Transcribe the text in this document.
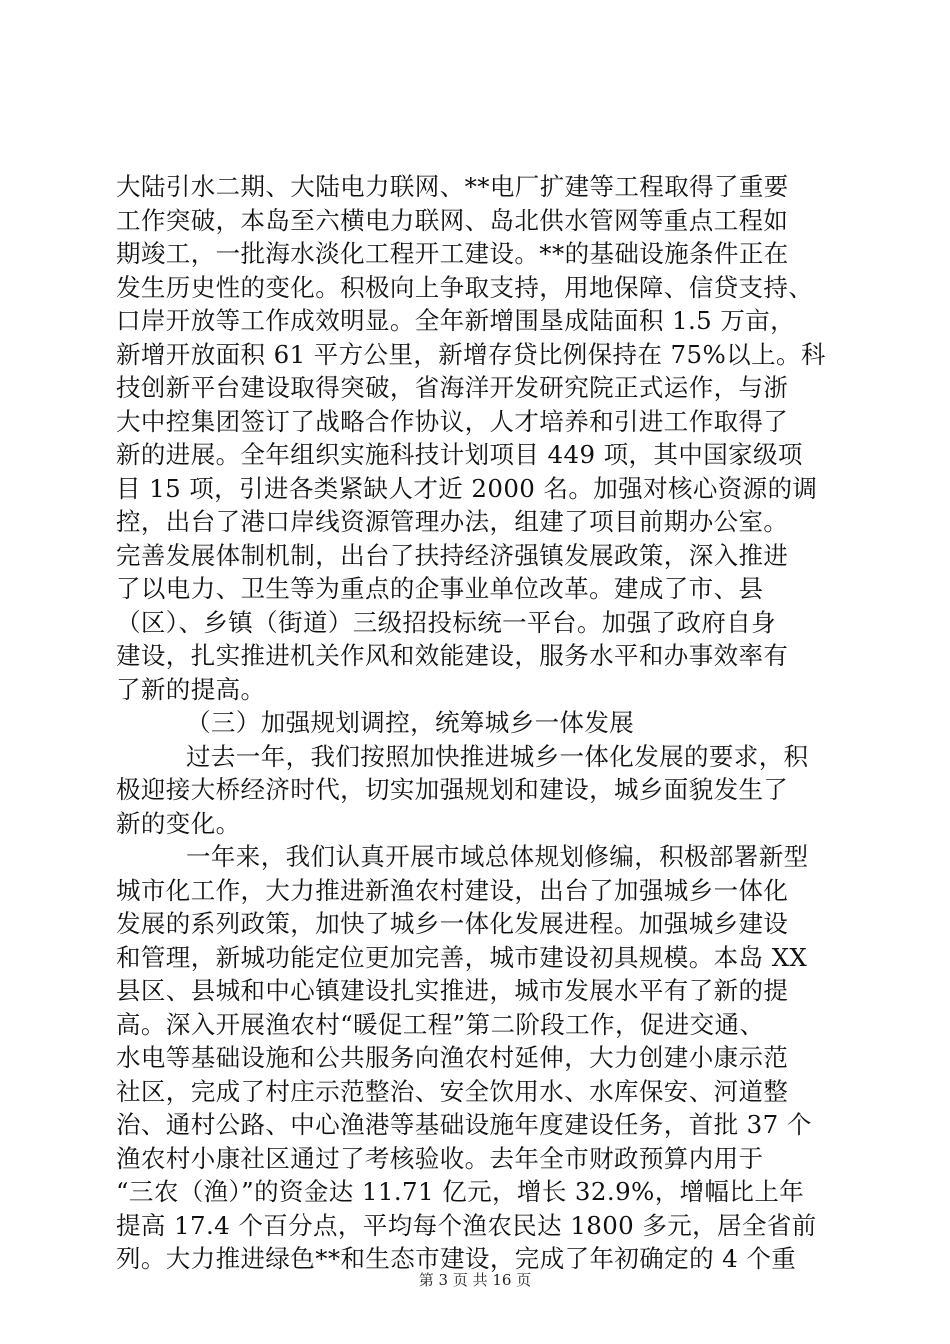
大陆引水二期、大陆电力联网、**电厂扩建等工程取得了重要
工作突破，本岛至六横电力联网、岛北供水管网等重点工程如
期竣工，一批海水淡化工程开工建设。**的基础设施条件正在
发生历史性的变化。积极向上争取支持，用地保障、信贷支持、
口岸开放等工作成效明显。全年新增围垦成陆面积 1.5 万亩，
新增开放面积 61 平方公里，新增存贷比例保持在 75%以上。科
技创新平台建设取得突破，省海洋开发研究院正式运作，与浙
大中控集团签订了战略合作协议，人才培养和引进工作取得了
新的进展。全年组织实施科技计划项目 449 项，其中国家级项
目 15 项，引进各类紧缺人才近 2000 名。加强对核心资源的调
控，出台了港口岸线资源管理办法，组建了项目前期办公室。
完善发展体制机制，出台了扶持经济强镇发展政策，深入推进
了以电力、卫生等为重点的企事业单位改革。建成了市、县
（区）、乡镇（街道）三级招投标统一平台。加强了政府自身
建设，扎实推进机关作风和效能建设，服务水平和办事效率有
了新的提高。
（三）加强规划调控，统筹城乡一体发展
过去一年，我们按照加快推进城乡一体化发展的要求，积
极迎接大桥经济时代，切实加强规划和建设，城乡面貌发生了
新的变化。
一年来，我们认真开展市域总体规划修编，积极部署新型
城市化工作，大力推进新渔农村建设，出台了加强城乡一体化
发展的系列政策，加快了城乡一体化发展进程。加强城乡建设
和管理，新城功能定位更加完善，城市建设初具规模。本岛 XX
县区、县城和中心镇建设扎实推进，城市发展水平有了新的提
高。深入开展渔农村“暖促工程”第二阶段工作，促进交通、
水电等基础设施和公共服务向渔农村延伸，大力创建小康示范
社区，完成了村庄示范整治、安全饮用水、水库保安、河道整
治、通村公路、中心渔港等基础设施年度建设任务，首批 37 个
渔农村小康社区通过了考核验收。去年全市财政预算内用于
“三农（渔）”的资金达 11.71 亿元，增长 32.9%，增幅比上年
提高 17.4 个百分点，平均每个渔农民达 1800 多元，居全省前
列。大力推进绿色**和生态市建设，完成了年初确定的 4 个重
第 3 页 共 16 页
